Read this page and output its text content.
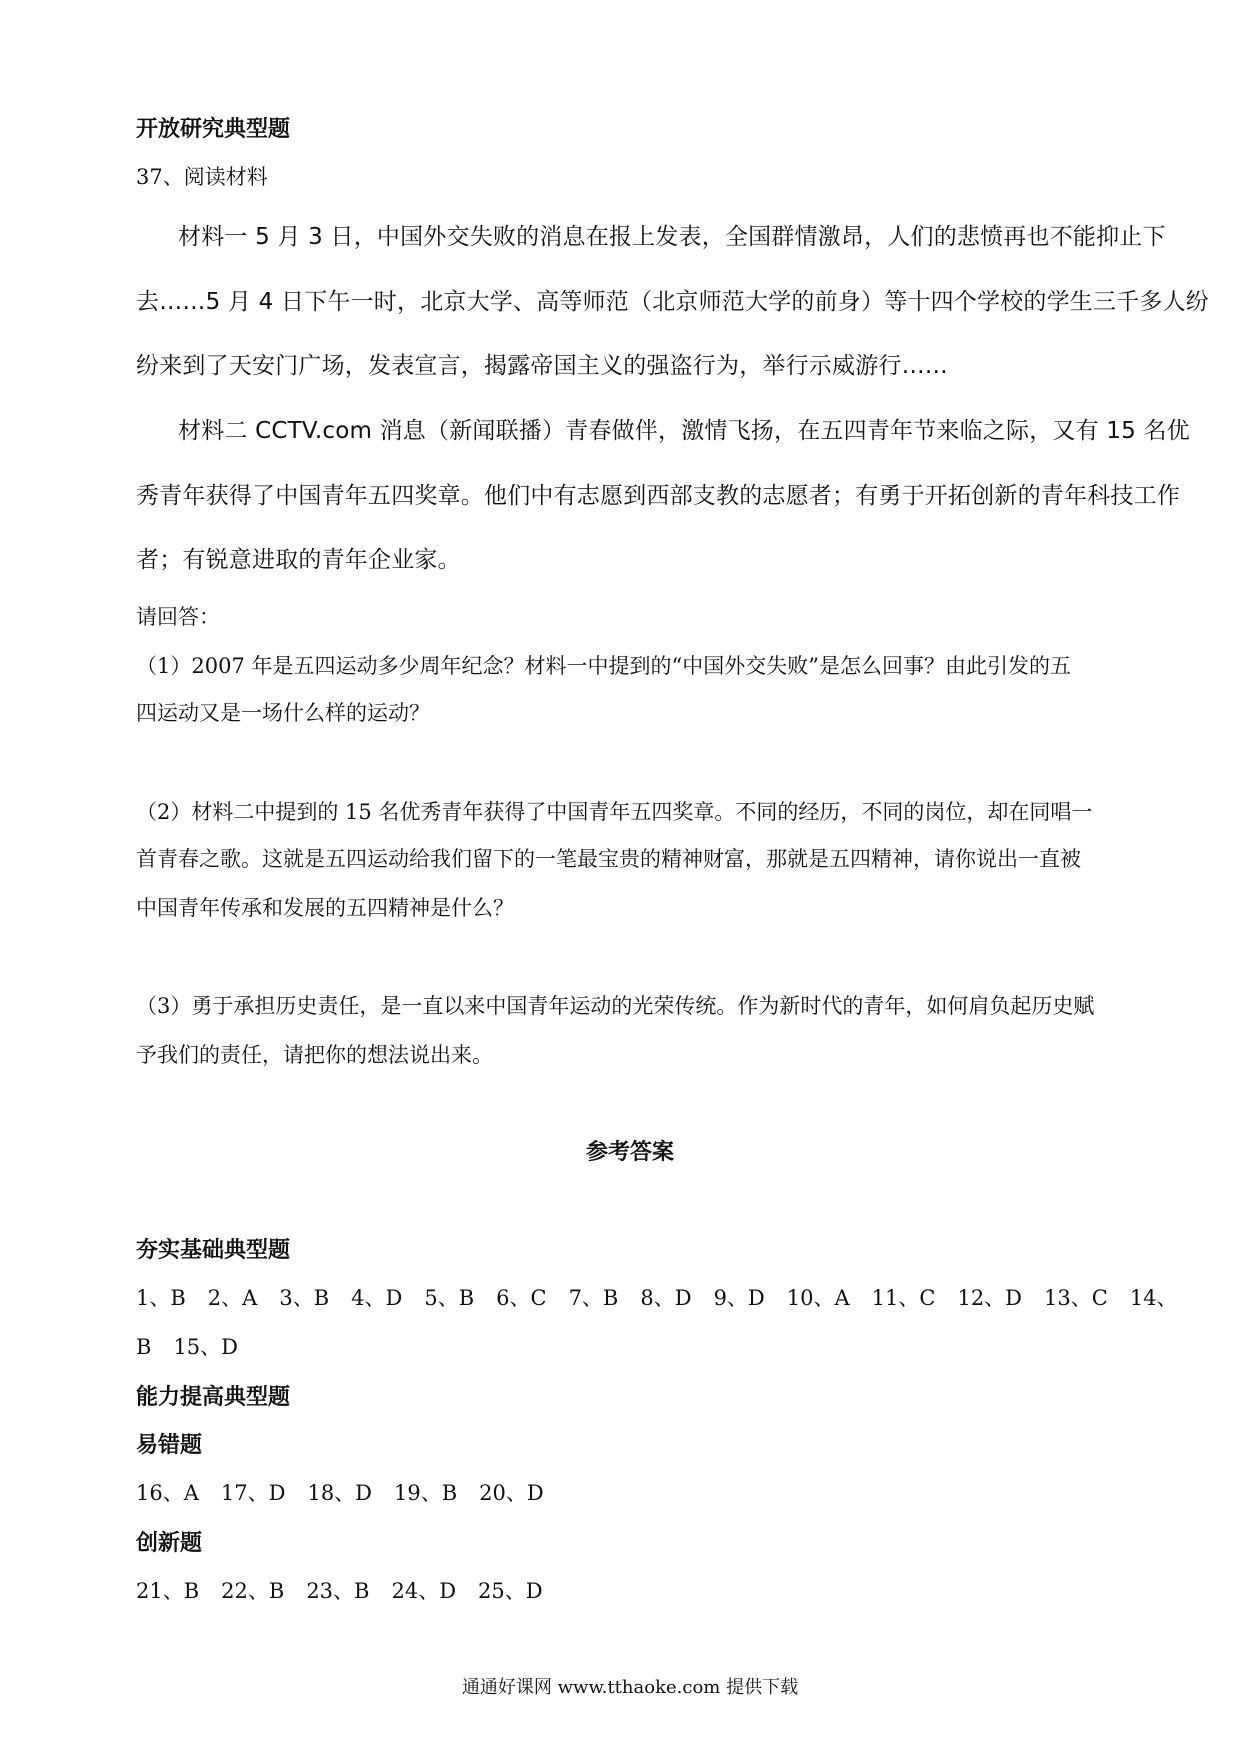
开放研究典型题
37、阅读材料
材料一 5 月 3 日，中国外交失败的消息在报上发表，全国群情激昂，人们的悲愤再也不能抑止下
去……5 月 4 日下午一时，北京大学、高等师范（北京师范大学的前身）等十四个学校的学生三千多人纷
纷来到了天安门广场，发表宣言，揭露帝国主义的强盗行为，举行示威游行……
材料二 CCTV.com 消息（新闻联播）青春做伴，激情飞扬，在五四青年节来临之际，又有 15 名优
秀青年获得了中国青年五四奖章。他们中有志愿到西部支教的志愿者；有勇于开拓创新的青年科技工作
者；有锐意进取的青年企业家。
请回答：
（1）2007 年是五四运动多少周年纪念？材料一中提到的“中国外交失败”是怎么回事？由此引发的五
四运动又是一场什么样的运动？
（2）材料二中提到的 15 名优秀青年获得了中国青年五四奖章。不同的经历，不同的岗位，却在同唱一
首青春之歌。这就是五四运动给我们留下的一笔最宝贵的精神财富，那就是五四精神，请你说出一直被
中国青年传承和发展的五四精神是什么？
（3）勇于承担历史责任，是一直以来中国青年运动的光荣传统。作为新时代的青年，如何肩负起历史赋
予我们的责任，请把你的想法说出来。
参考答案
夯实基础典型题
1、B 2、A 3、B 4、D 5、B 6、C 7、B 8、D 9、D 10、A 11、C 12、D 13、C 14、
B 15、D
能力提高典型题
易错题
16、A 17、D 18、D 19、B 20、D
创新题
21、B 22、B 23、B 24、D 25、D
通通好课网 www.tthaoke.com 提供下载
